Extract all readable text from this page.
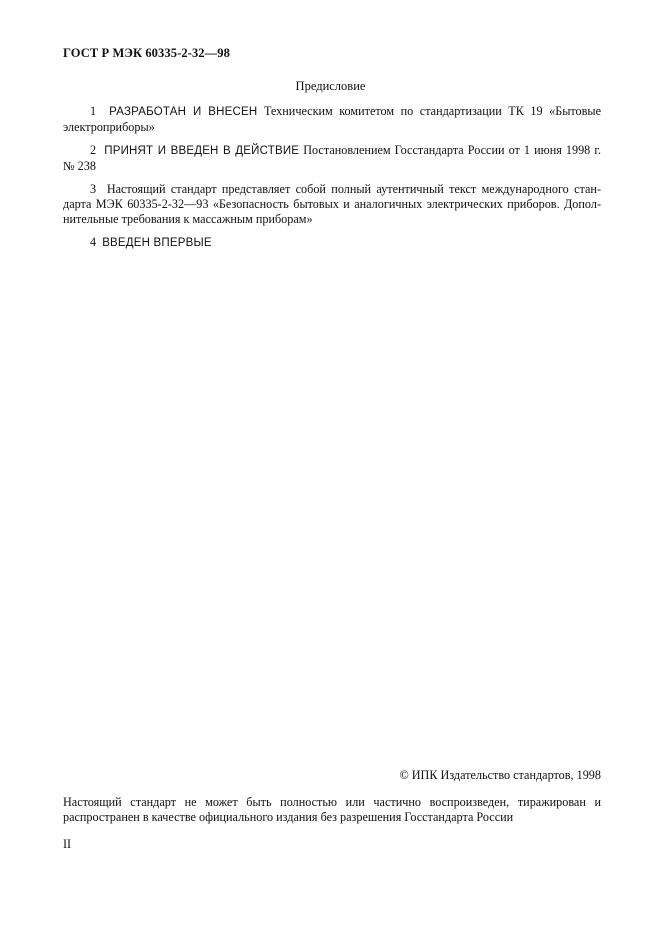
ГОСТ Р МЭК 60335-2-32—98
Предисловие
1 РАЗРАБОТАН И ВНЕСЕН Техническим комитетом по стандартизации ТК 19 «Бытовые
электроприборы»
2 ПРИНЯТ И ВВЕДЕН В ДЕЙСТВИЕ Постановлением Госстандарта России от 1 июня 1998 г.
№ 238
3 Настоящий стандарт представляет собой полный аутентичный текст международного стан-
дарта МЭК 60335-2-32—93 «Безопасность бытовых и аналогичных электрических приборов. Допол-
нительные требования к массажным приборам»
4 ВВЕДЕН ВПЕРВЫЕ
© ИПК Издательство стандартов, 1998
Настоящий стандарт не может быть полностью или частично воспроизведен, тиражирован и
распространен в качестве официального издания без разрешения Госстандарта России
II
